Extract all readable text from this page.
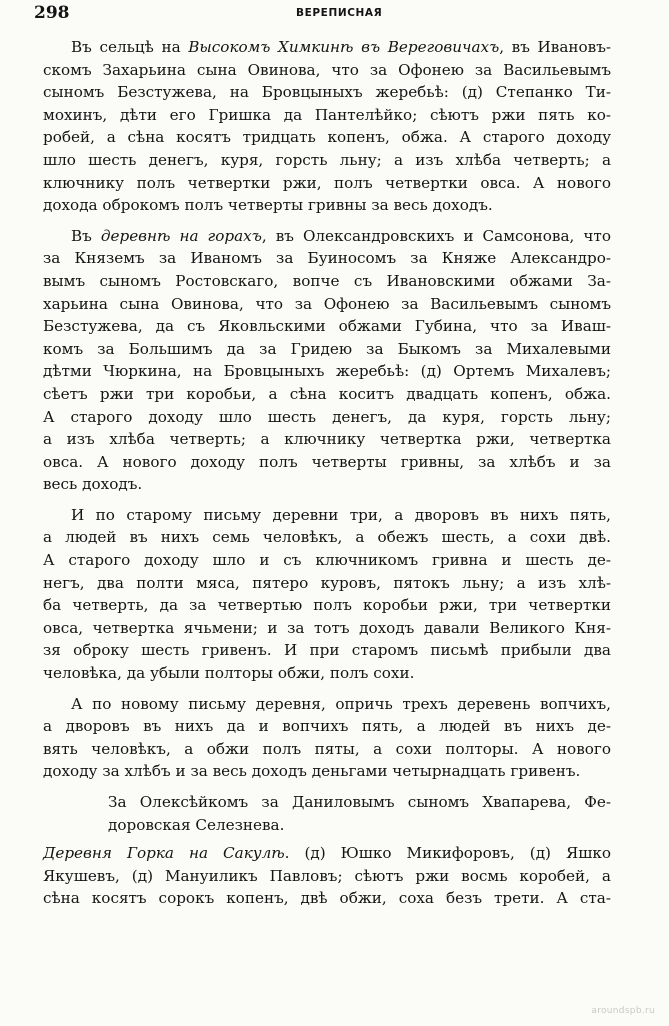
298	ВЕРЕПИСНАЯ
Въ сельцѣ на Высокомъ Химкинѣ въ Вереговичахъ, въ Ивановъ-
скомъ Захарьина сына Овинова, что за Офонею за Васильевымъ
сыномъ Безстужева, на Бровцыныхъ жеребьѣ: (д) Степанко Ти-
мохинъ, дѣти его Гришка да Пантелѣйко; сѣютъ ржи пять ко-
робей, а сѣна косятъ тридцать копенъ, обжа. А старого доходу
шло шесть денегъ, куря, горсть льну; а изъ хлѣба четверть; а
ключнику полъ четвертки ржи, полъ четвертки овса. А нового
дохода оброкомъ полъ четверты гривны за весь доходъ.
Въ деревнѣ на горахъ, въ Олександровскихъ и Самсонова, что
за Княземъ за Иваномъ за Буиносомъ за Княже Александро-
вымъ сыномъ Ростовскаго, вопче съ Ивановскими обжами За-
харьина сына Овинова, что за Офонею за Васильевымъ сыномъ
Безстужева, да съ Яковльскими обжами Губина, что за Иваш-
комъ за Большимъ да за Гридею за Быкомъ за Михалевыми
дѣтми Чюркина, на Бровцыныхъ жеребьѣ: (д) Ортемъ Михалевъ;
сѣетъ ржи три коробьи, а сѣна коситъ двадцать копенъ, обжа.
А старого доходу шло шесть денегъ, да куря, горсть льну;
а изъ хлѣба четверть; а ключнику четвертка ржи, четвертка
овса. А нового доходу полъ четверты гривны, за хлѣбъ и за
весь доходъ.
И по старому письму деревни три, а дворовъ въ нихъ пять,
а людей въ нихъ семь человѣкъ, а обежъ шесть, а сохи двѣ.
А старого доходу шло и съ ключникомъ гривна и шесть де-
негъ, два полти мяса, пятеро куровъ, пятокъ льну; а изъ хлѣ-
ба четверть, да за четвертью полъ коробьи ржи, три четвертки
овса, четвертка ячьмени; и за тотъ доходъ давали Великого Кня-
зя оброку шесть гривенъ. И при старомъ письмѣ прибыли два
человѣка, да убыли полторы обжи, полъ сохи.
А по новому письму деревня, опричь трехъ деревень вопчихъ,
а дворовъ въ нихъ да и вопчихъ пять, а людей въ нихъ де-
вять человѣкъ, а обжи полъ пяты, а сохи полторы. А нового
доходу за хлѣбъ и за весь доходъ деньгами четырнадцать гривенъ.
За Олексѣйкомъ за Даниловымъ сыномъ Хвапарева, Фе-
доровская Селезнева.
Деревня Горка на Сакулѣ. (д) Юшко Микифоровъ, (д) Яшко
Якушевъ, (д) Мануиликъ Павловъ; сѣютъ ржи восмь коробей, а
сѣна косятъ сорокъ копенъ, двѣ обжи, соха безъ трети. А ста-
aroundspb.ru
